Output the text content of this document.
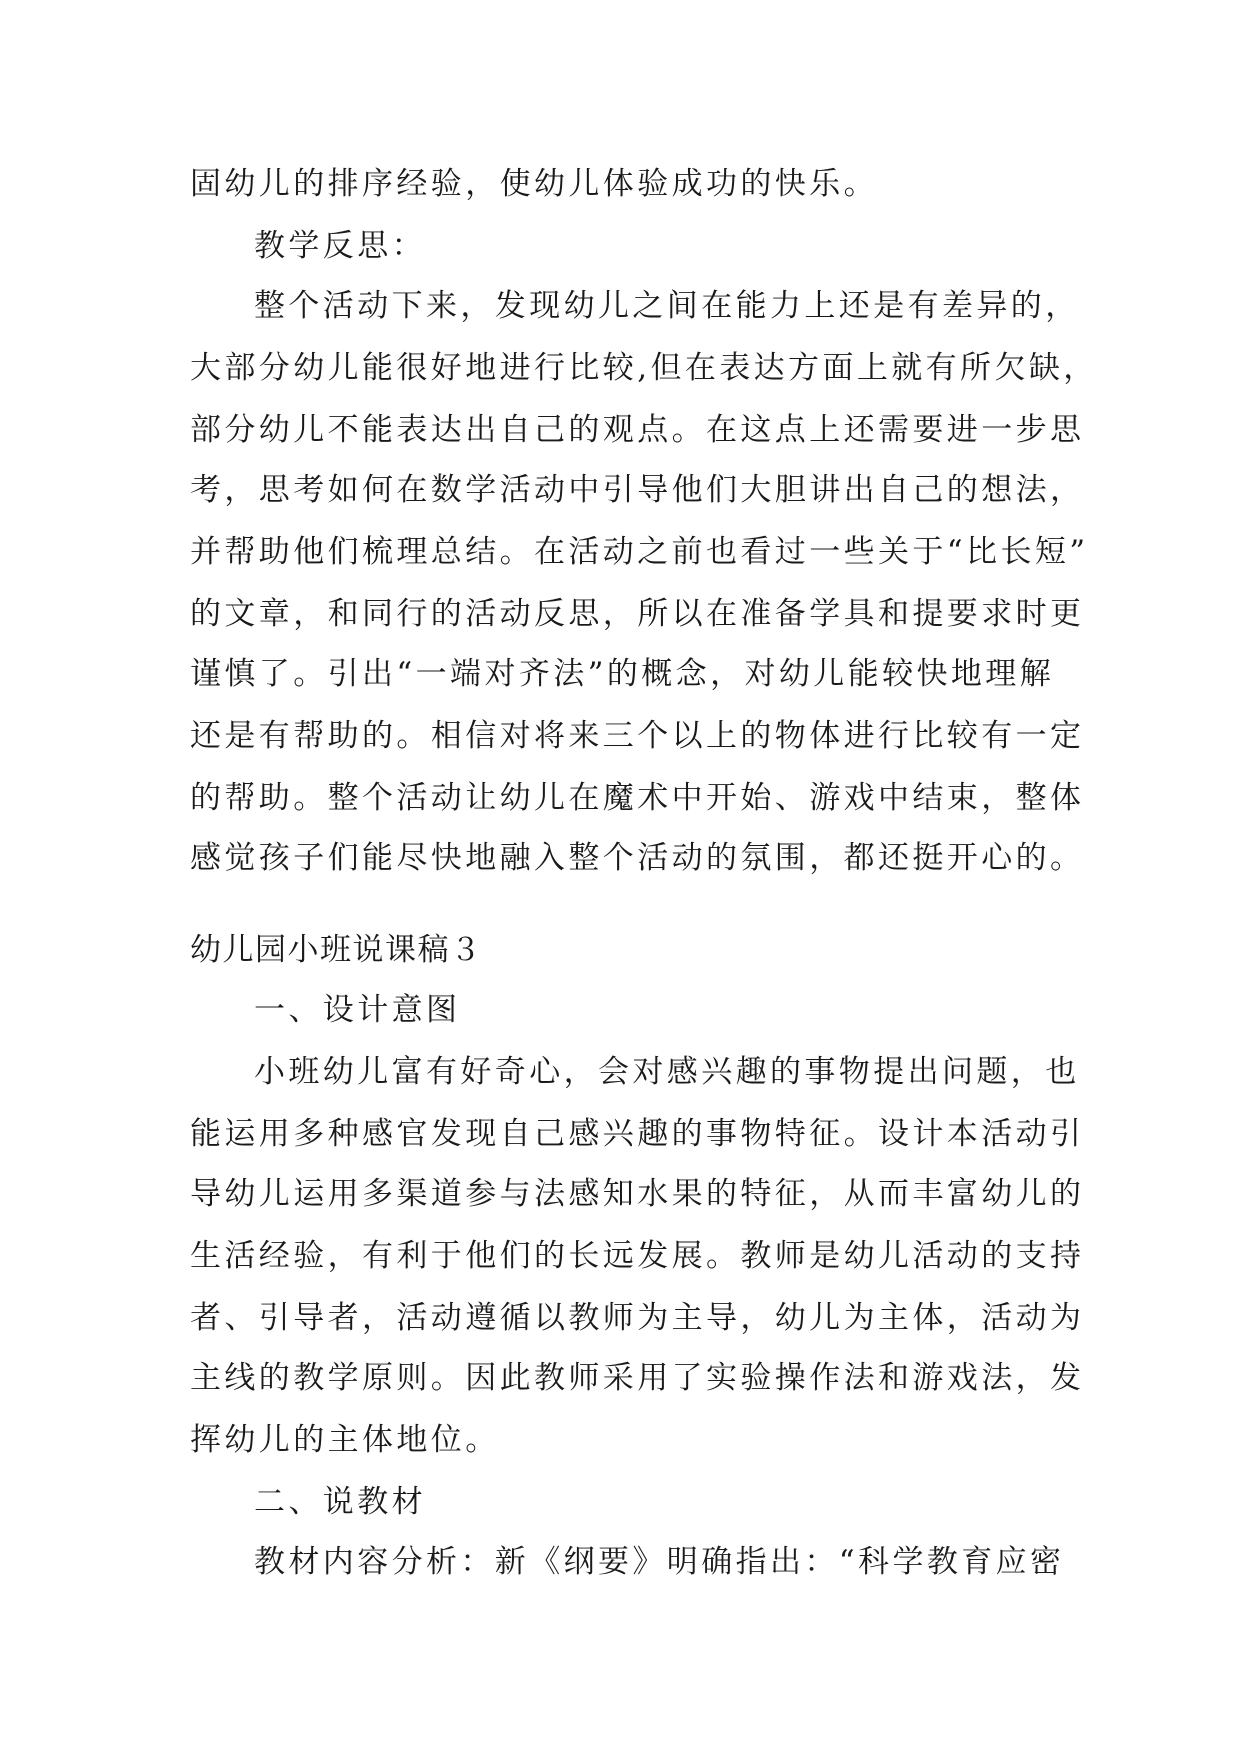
固幼儿的排序经验，使幼儿体验成功的快乐。
教学反思：
整个活动下来，发现幼儿之间在能力上还是有差异的，
大部分幼儿能很好地进行比较,但在表达方面上就有所欠缺，
部分幼儿不能表达出自己的观点。在这点上还需要进一步思
考，思考如何在数学活动中引导他们大胆讲出自己的想法，
并帮助他们梳理总结。在活动之前也看过一些关于“比长短”
的文章，和同行的活动反思，所以在准备学具和提要求时更
谨慎了。引出“一端对齐法”的概念，对幼儿能较快地理解
还是有帮助的。相信对将来三个以上的物体进行比较有一定
的帮助。整个活动让幼儿在魔术中开始、游戏中结束，整体
感觉孩子们能尽快地融入整个活动的氛围，都还挺开心的。
幼儿园小班说课稿３
一、设计意图
小班幼儿富有好奇心，会对感兴趣的事物提出问题，也
能运用多种感官发现自己感兴趣的事物特征。设计本活动引
导幼儿运用多渠道参与法感知水果的特征，从而丰富幼儿的
生活经验，有利于他们的长远发展。教师是幼儿活动的支持
者、引导者，活动遵循以教师为主导，幼儿为主体，活动为
主线的教学原则。因此教师采用了实验操作法和游戏法，发
挥幼儿的主体地位。
二、说教材
教材内容分析：新《纲要》明确指出：“科学教育应密
